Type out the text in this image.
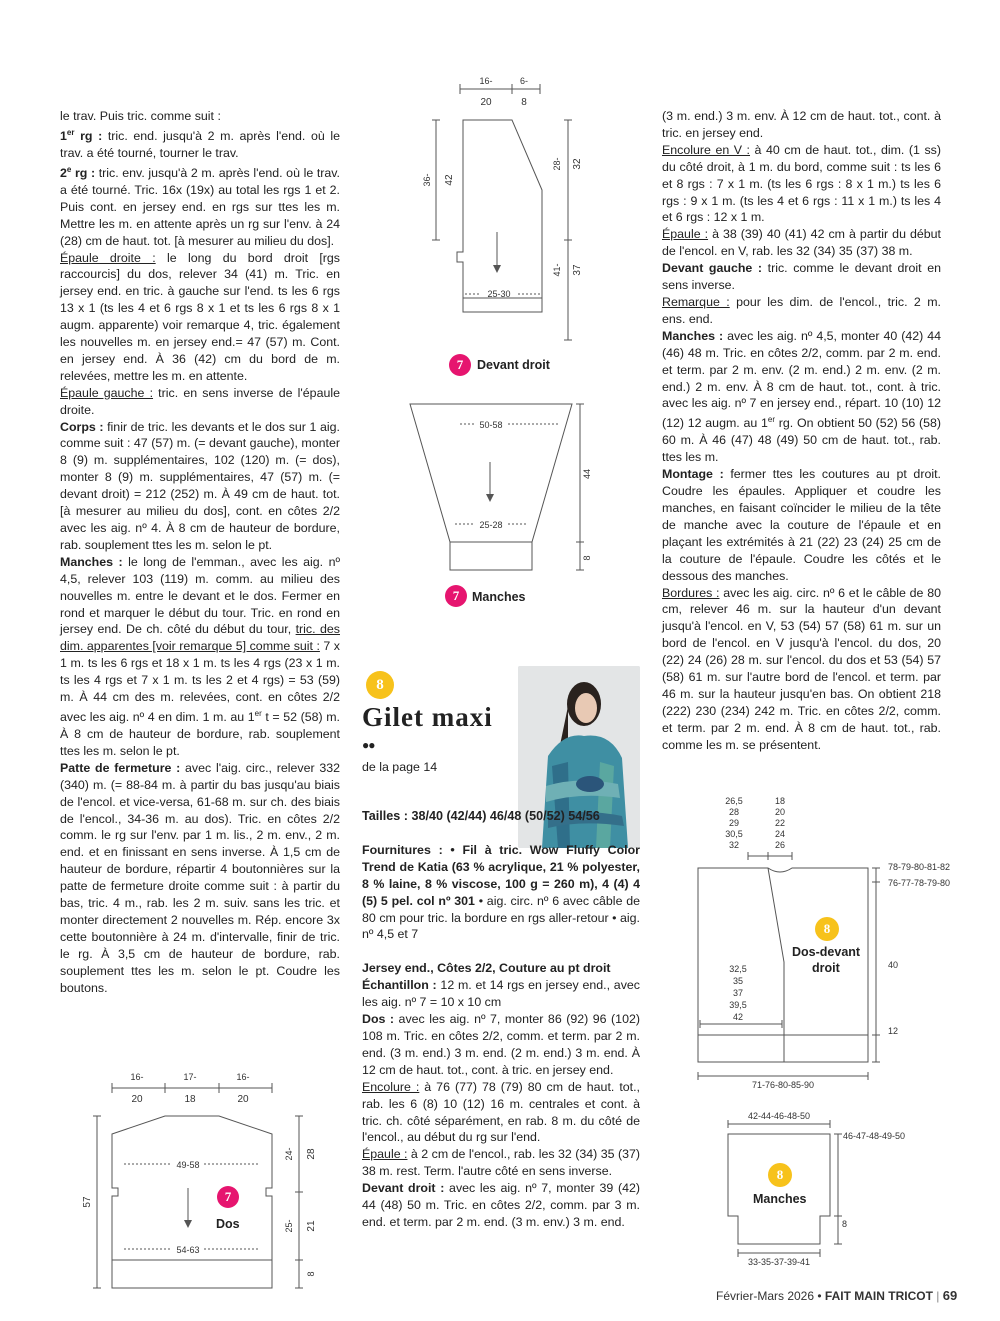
le trav. Puis tric. comme suit :

1er rg : tric. end. jusqu'à 2 m. après l'end. où le trav. a été tourné, tourner le trav.

2e rg : tric. env. jusqu'à 2 m. après l'end. où le trav. a été tourné. Tric. 16x (19x) au total les rgs 1 et 2. Puis cont. en jersey end. en rgs sur ttes les m. Mettre les m. en attente après un rg sur l'env. à 24 (28) cm de haut. tot. [à mesurer au milieu du dos].

Épaule droite : le long du bord droit [rgs raccourcis] du dos, relever 34 (41) m. Tric. en jersey end. en tric. à gauche sur l'end. ts les 6 rgs 13 x 1 (ts les 4 et 6 rgs 8 x 1 et ts les 6 rgs 8 x 1 augm. apparente) voir remarque 4, tric. également les nouvelles m. en jersey end.= 47 (57) m. Cont. en jersey end. À 36 (42) cm du bord de m. relevées, mettre les m. en attente.

Épaule gauche : tric. en sens inverse de l'épaule droite.

Corps : finir de tric. les devants et le dos sur 1 aig. comme suit : 47 (57) m. (= devant gauche), monter 8 (9) m. supplémentaires, 102 (120) m. (= dos), monter 8 (9) m. supplémentaires, 47 (57) m. (= devant droit) = 212 (252) m. À 49 cm de haut. tot. [à mesurer au milieu du dos], cont. en côtes 2/2 avec les aig. nº 4. À 8 cm de hauteur de bordure, rab. souplement ttes les m. selon le pt.

Manches : le long de l'emman., avec les aig. nº 4,5, relever 103 (119) m. comm. au milieu des nouvelles m. entre le devant et le dos. Fermer en rond et marquer le début du tour. Tric. en rond en jersey end. De ch. côté du début du tour, tric. des dim. apparentes [voir remarque 5] comme suit : 7 x 1 m. ts les 6 rgs et 18 x 1 m. ts les 4 rgs (23 x 1 m. ts les 4 rgs et 7 x 1 m. ts les 2 et 4 rgs) = 53 (59) m. À 44 cm des m. relevées, cont. en côtes 2/2 avec les aig. nº 4 en dim. 1 m. au 1er t = 52 (58) m. À 8 cm de hauteur de bordure, rab. souplement ttes les m. selon le pt.

Patte de fermeture : avec l'aig. circ., relever 332 (340) m. (= 88-84 m. à partir du bas jusqu'au biais de l'encol. et vice-versa, 61-68 m. sur ch. des biais de l'encol., 34-36 m. au dos). Tric. en côtes 2/2 comm. le rg sur l'env. par 1 m. lis., 2 m. env., 2 m. end. et en finissant en sens inverse. À 1,5 cm de hauteur de bordure, répartir 4 boutonnières sur la patte de fermeture droite comme suit : à partir du bas, tric. 4 m., rab. les 2 m. suiv. sans les tric. et monter directement 2 nouvelles m. Rép. encore 3x cette boutonnière à 24 m. d'intervalle, finir de tric. le rg. À 3,5 cm de hauteur de bordure, rab. souplement ttes les m. selon le pt. Coudre les boutons.

16-	6-
20	8
36- 42
28- 32
41- 37
25-30
7	Devant droit
50-58
25-28
44
8
7	Manches
8
Gilet maxi
●●
de la page 14

Tailles : 38/40 (42/44) 46/48 (50/52) 54/56

Fournitures : • Fil à tric. Wow Fluffy Color Trend de Katia (63 % acrylique, 21 % polyester, 8 % laine, 8 % viscose, 100 g = 260 m), 4 (4) 4 (5) 5 pel. col nº 301 • aig. circ. nº 6 avec câble de 80 cm pour tric. la bordure en rgs aller-retour • aig. nº 4,5 et 7

Jersey end., Côtes 2/2, Couture au pt droit

Échantillon : 12 m. et 14 rgs en jersey end., avec les aig. nº 7 = 10 x 10 cm

Dos : avec les aig. nº 7, monter 86 (92) 96 (102) 108 m. Tric. en côtes 2/2, comm. et term. par 2 m. end. (3 m. end.) 3 m. end. (2 m. end.) 3 m. end. À 12 cm de haut. tot., cont. à tric. en jersey end.

Encolure : à 76 (77) 78 (79) 80 cm de haut. tot., rab. les 6 (8) 10 (12) 16 m. centrales et cont. à tric. ch. côté séparément, en rab. 8 m. du côté de l'encol., au début du rg sur l'end.

Épaule : à 2 cm de l'encol., rab. les 32 (34) 35 (37) 38 m. rest. Term. l'autre côté en sens inverse.

Devant droit : avec les aig. nº 7, monter 39 (42) 44 (48) 50 m. Tric. en côtes 2/2, comm. par 3 m. end. et term. par 2 m. end. (3 m. env.) 3 m. end.

(3 m. end.) 3 m. env. À 12 cm de haut. tot., cont. à tric. en jersey end.

Encolure en V : à 40 cm de haut. tot., dim. (1 ss) du côté droit, à 1 m. du bord, comme suit : ts les 6 et 8 rgs : 7 x 1 m. (ts les 6 rgs : 8 x 1 m.) ts les 6 rgs : 9 x 1 m. (ts les 4 et 6 rgs : 11 x 1 m.) ts les 4 et 6 rgs : 12 x 1 m.

Épaule : à 38 (39) 40 (41) 42 cm à partir du début de l'encol. en V, rab. les 32 (34) 35 (37) 38 m.

Devant gauche : tric. comme le devant droit en sens inverse.

Remarque : pour les dim. de l'encol., tric. 2 m. ens. end.

Manches : avec les aig. nº 4,5, monter 40 (42) 44 (46) 48 m. Tric. en côtes 2/2, comm. par 2 m. end. et term. par 2 m. env. (2 m. end.) 2 m. env. (2 m. end.) 2 m. env. À 8 cm de haut. tot., cont. à tric. avec les aig. nº 7 en jersey end., répart. 10 (10) 12 (12) 12 augm. au 1er rg. On obtient 50 (52) 56 (58) 60 m. À 46 (47) 48 (49) 50 cm de haut. tot., rab. ttes les m.

Montage : fermer ttes les coutures au pt droit. Coudre les épaules. Appliquer et coudre les manches, en faisant coïncider le milieu de la tête de manche avec la couture de l'épaule et en plaçant les extrémités à 21 (22) 23 (24) 25 cm de la couture de l'épaule. Coudre les côtés et le dessous des manches.

Bordures : avec les aig. circ. nº 6 et le câble de 80 cm, relever 46 m. sur la hauteur d'un devant jusqu'à l'encol. en V, 53 (54) 57 (58) 61 m. sur un bord de l'encol. en V jusqu'à l'encol. du dos, 20 (22) 24 (26) 28 m. sur l'encol. du dos et 53 (54) 57 (58) 61 m. sur l'autre bord de l'encol. et term. par 46 m. sur la hauteur jusqu'en bas. On obtient 218 (222) 230 (234) 242 m. Tric. en côtes 2/2, comm. et term. par 2 m. end. À 8 cm de haut. tot., rab. comme les m. se présentent.

16-	17-	16-
20	18	20
49-58
54-63
57
24- 28
25- 21
8
7
Dos
26,5
28
29
30,5
32
18
20
22
24
26
78-79-80-81-82
76-77-78-79-80
32,5
35
37
39,5
42
40
12
71-76-80-85-90
8
Dos-devant
droit
42-44-46-48-50
46-47-48-49-50
8
33-35-37-39-41
8
Manches
Février-Mars 2026 • FAIT MAIN TRICOT | 69
